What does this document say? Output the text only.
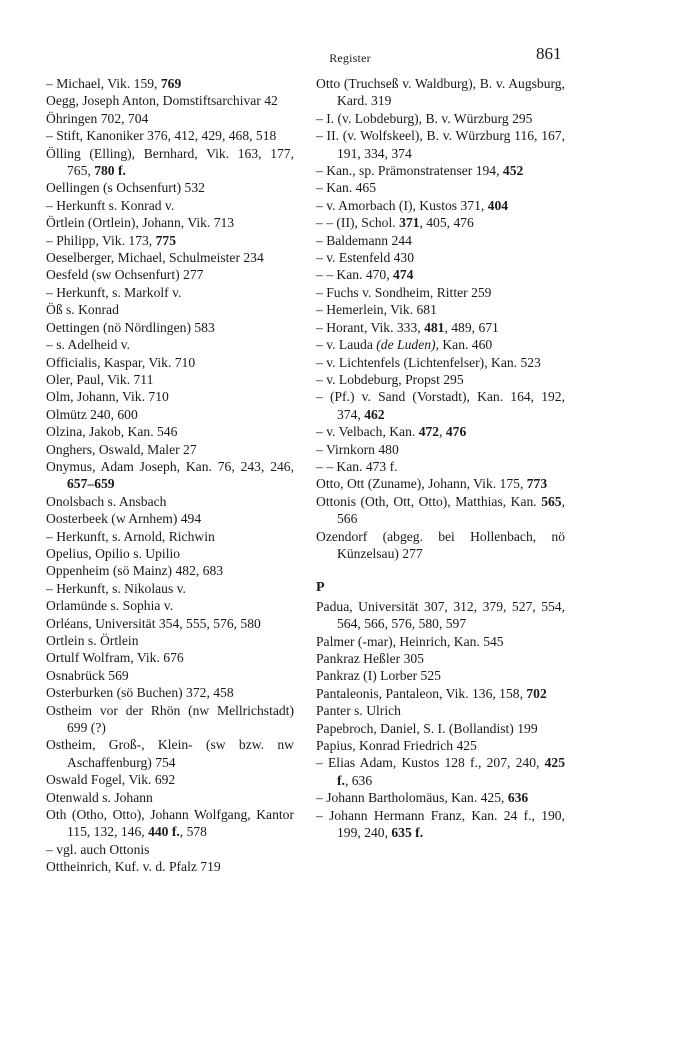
Register	861

– Michael, Vik. 159, 769

Oegg, Joseph Anton, Domstiftsarchivar 42

Öhringen 702, 704

– Stift, Kanoniker 376, 412, 429, 468, 518

Ölling (Elling), Bernhard, Vik. 163, 177, 765, 780 f.

Oellingen (s Ochsenfurt) 532

– Herkunft s. Konrad v.

Örtlein (Ortlein), Johann, Vik. 713

– Philipp, Vik. 173, 775

Oeselberger, Michael, Schulmeister 234

Oesfeld (sw Ochsenfurt) 277

– Herkunft, s. Markolf v.

Öß s. Konrad

Oettingen (nö Nördlingen) 583

– s. Adelheid v.

Officialis, Kaspar, Vik. 710

Oler, Paul, Vik. 711

Olm, Johann, Vik. 710

Olmütz 240, 600

Olzina, Jakob, Kan. 546

Onghers, Oswald, Maler 27

Onymus, Adam Joseph, Kan. 76, 243, 246, 657–659

Onolsbach s. Ansbach

Oosterbeek (w Arnhem) 494

– Herkunft, s. Arnold, Richwin

Opelius, Opilio s. Upilio

Oppenheim (sö Mainz) 482, 683

– Herkunft, s. Nikolaus v.

Orlamünde s. Sophia v.

Orléans, Universität 354, 555, 576, 580

Ortlein s. Örtlein

Ortulf Wolfram, Vik. 676

Osnabrück 569

Osterburken (sö Buchen) 372, 458

Ostheim vor der Rhön (nw Mellrichstadt) 699 (?)

Ostheim, Groß-, Klein- (sw bzw. nw Aschaffenburg) 754

Oswald Fogel, Vik. 692

Otenwald s. Johann

Oth (Otho, Otto), Johann Wolfgang, Kantor 115, 132, 146, 440 f., 578

– vgl. auch Ottonis

Ottheinrich, Kuf. v. d. Pfalz 719

Otto (Truchseß v. Waldburg), B. v. Augsburg, Kard. 319

– I. (v. Lobdeburg), B. v. Würzburg 295

– II. (v. Wolfskeel), B. v. Würzburg 116, 167, 191, 334, 374

– Kan., sp. Prämonstratenser 194, 452

– Kan. 465

– v. Amorbach (I), Kustos 371, 404

– – (II), Schol. 371, 405, 476

– Baldemann 244

– v. Estenfeld 430

– – Kan. 470, 474

– Fuchs v. Sondheim, Ritter 259

– Hemerlein, Vik. 681

– Horant, Vik. 333, 481, 489, 671

– v. Lauda (de Luden), Kan. 460

– v. Lichtenfels (Lichtenfelser), Kan. 523

– v. Lobdeburg, Propst 295

– (Pf.) v. Sand (Vorstadt), Kan. 164, 192, 374, 462

– v. Velbach, Kan. 472, 476

– Virnkorn 480

– – Kan. 473 f.

Otto, Ott (Zuname), Johann, Vik. 175, 773

Ottonis (Oth, Ott, Otto), Matthias, Kan. 565, 566

Ozendorf (abgeg. bei Hollenbach, nö Künzelsau) 277

P

Padua, Universität 307, 312, 379, 527, 554, 564, 566, 576, 580, 597

Palmer (-mar), Heinrich, Kan. 545

Pankraz Heßler 305

Pankraz (I) Lorber 525

Pantaleonis, Pantaleon, Vik. 136, 158, 702

Panter s. Ulrich

Papebroch, Daniel, S. I. (Bollandist) 199

Papius, Konrad Friedrich 425

– Elias Adam, Kustos 128 f., 207, 240, 425 f., 636

– Johann Bartholomäus, Kan. 425, 636

– Johann Hermann Franz, Kan. 24 f., 190, 199, 240, 635 f.
